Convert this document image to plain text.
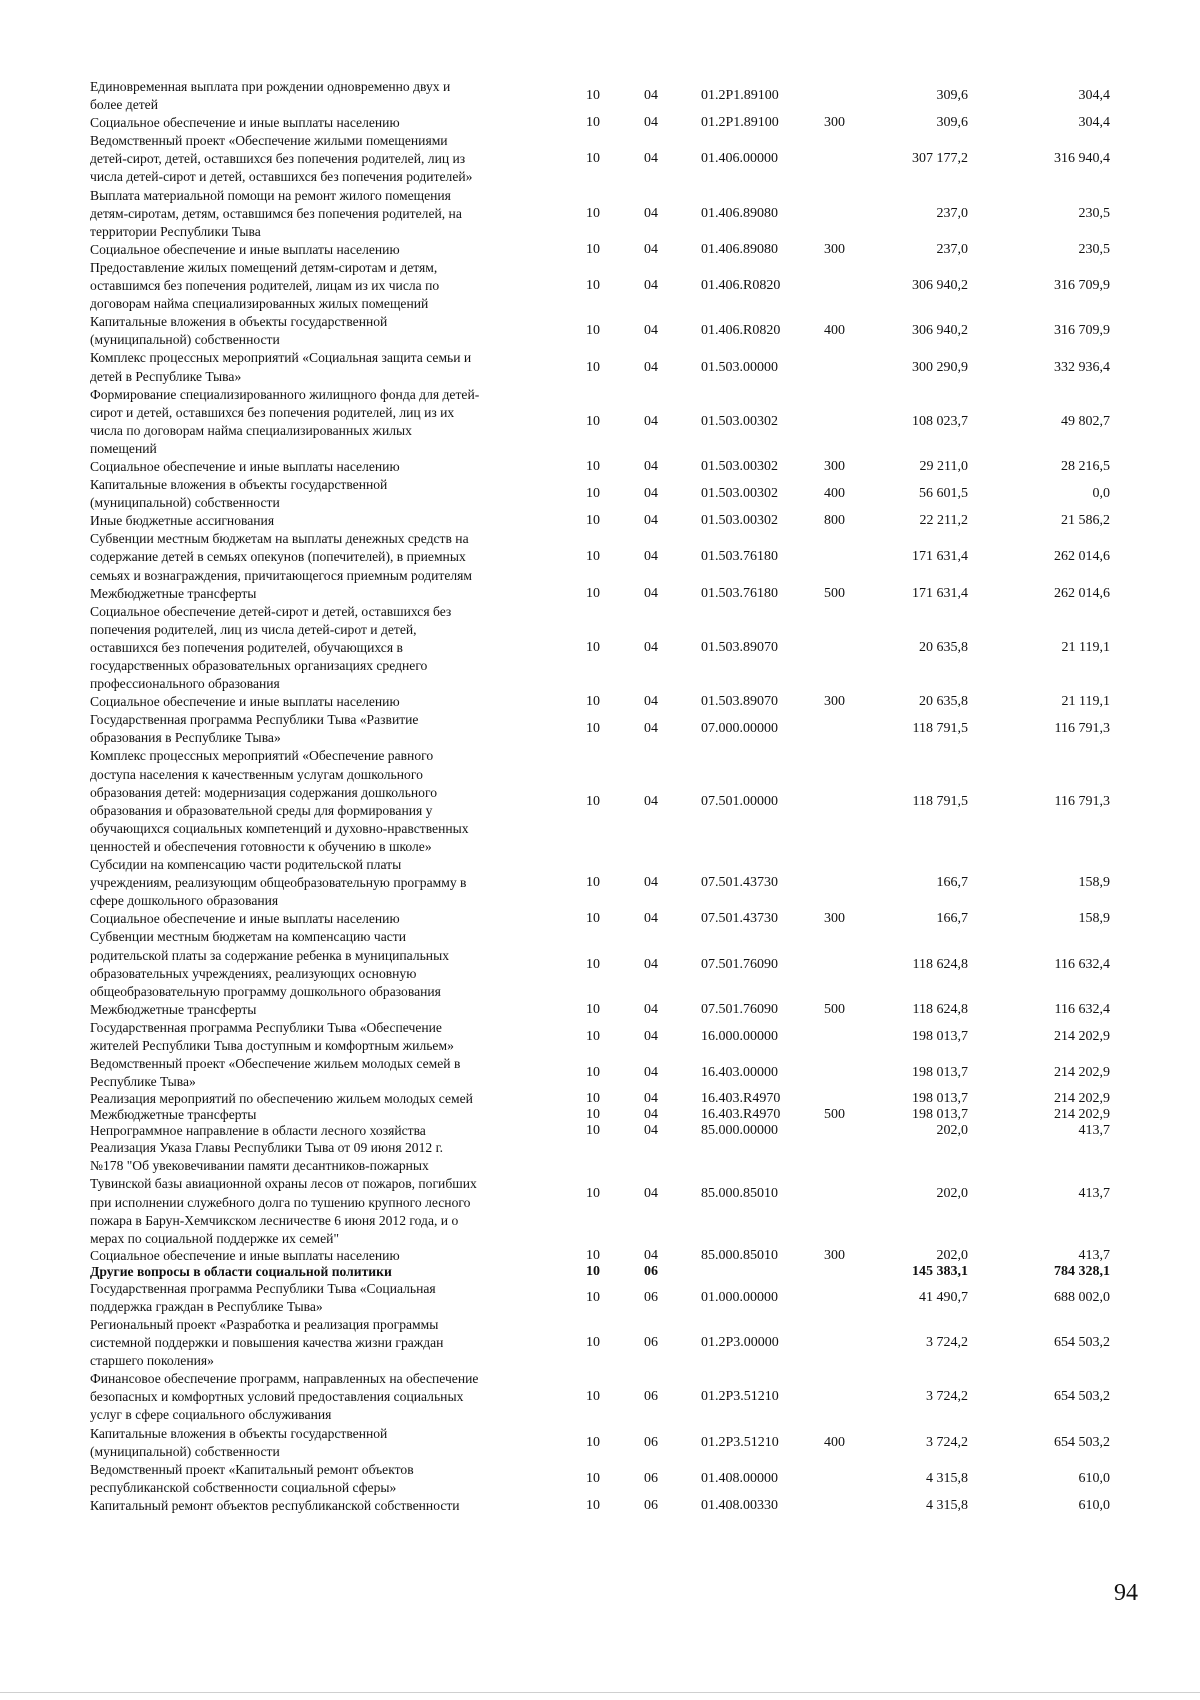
Единовременная выплата при рождении одновременно двух и
более детей
10	04	01.2Р1.89100	309,6	304,4
Социальное обеспечение и иные выплаты населению	10	04	01.2Р1.89100	300	309,6	304,4
Ведомственный проект «Обеспечение жилыми помещениями
детей-сирот, детей, оставшихся без попечения родителей, лиц из
числа детей-сирот и детей, оставшихся без попечения родителей»
10	04	01.406.00000	307 177,2	316 940,4
Выплата материальной помощи на ремонт жилого помещения
детям-сиротам, детям, оставшимся без попечения родителей, на
территории Республики Тыва
10	04	01.406.89080	237,0	230,5
Социальное обеспечение и иные выплаты населению	10	04	01.406.89080	300	237,0	230,5
Предоставление жилых помещений детям-сиротам и детям,
оставшимся без попечения родителей, лицам из их числа по
договорам найма специализированных жилых помещений
10	04	01.406.R0820	306 940,2	316 709,9
Капитальные вложения в объекты государственной
(муниципальной) собственности
10	04	01.406.R0820	400	306 940,2	316 709,9
Комплекс процессных мероприятий «Социальная защита семьи и
детей в Республике Тыва»
10	04	01.503.00000	300 290,9	332 936,4
Формирование специализированного жилищного фонда для детей-
сирот и детей, оставшихся без попечения родителей, лиц из их
числа по договорам найма специализированных жилых
помещений
10	04	01.503.00302	108 023,7	49 802,7
Социальное обеспечение и иные выплаты населению	10	04	01.503.00302	300	29 211,0	28 216,5
Капитальные вложения в объекты государственной
(муниципальной) собственности
10	04	01.503.00302	400	56 601,5	0,0
Иные бюджетные ассигнования	10	04	01.503.00302	800	22 211,2	21 586,2
Субвенции местным бюджетам на выплаты денежных средств на
содержание детей в семьях опекунов (попечителей), в приемных
семьях и вознаграждения, причитающегося приемным родителям
10	04	01.503.76180	171 631,4	262 014,6
Межбюджетные трансферты	10	04	01.503.76180	500	171 631,4	262 014,6
Социальное обеспечение детей-сирот и детей, оставшихся без
попечения родителей, лиц из числа детей-сирот и детей,
оставшихся без попечения родителей, обучающихся в
государственных образовательных организациях среднего
профессионального образования
10	04	01.503.89070	20 635,8	21 119,1
Социальное обеспечение и иные выплаты населению	10	04	01.503.89070	300	20 635,8	21 119,1
Государственная программа Республики Тыва «Развитие
образования в Республике Тыва»
10	04	07.000.00000	118 791,5	116 791,3
Комплекс процессных мероприятий «Обеспечение равного
доступа населения к качественным услугам дошкольного
образования детей: модернизация содержания дошкольного
образования и образовательной среды для формирования у
обучающихся социальных компетенций и духовно-нравственных
ценностей и обеспечения готовности к обучению в школе»
10	04	07.501.00000	118 791,5	116 791,3
Субсидии на компенсацию части родительской платы
учреждениям, реализующим общеобразовательную программу в
сфере дошкольного образования
10	04	07.501.43730	166,7	158,9
Социальное обеспечение и иные выплаты населению	10	04	07.501.43730	300	166,7	158,9
Субвенции местным бюджетам на компенсацию части
родительской платы за содержание ребенка в муниципальных
образовательных учреждениях, реализующих основную
общеобразовательную программу дошкольного образования
10	04	07.501.76090	118 624,8	116 632,4
Межбюджетные трансферты	10	04	07.501.76090	500	118 624,8	116 632,4
Государственная программа Республики Тыва «Обеспечение
жителей Республики Тыва доступным и комфортным жильем»
10	04	16.000.00000	198 013,7	214 202,9
Ведомственный проект «Обеспечение жильем молодых семей в
Республике Тыва»
10	04	16.403.00000	198 013,7	214 202,9
Реализация мероприятий по обеспечению жильем молодых семей	10	04	16.403.R4970	198 013,7	214 202,9
Межбюджетные трансферты	10	04	16.403.R4970	500	198 013,7	214 202,9
Непрограммное направление в области лесного хозяйства	10	04	85.000.00000	202,0	413,7
Реализация Указа Главы Республики Тыва от 09 июня 2012 г.
№178 "Об увековечивании памяти десантников-пожарных
Тувинской базы авиационной охраны лесов от пожаров, погибших
при исполнении служебного долга по тушению крупного лесного
пожара в Барун-Хемчикском лесничестве 6 июня 2012 года, и о
мерах по социальной поддержке их семей"
10	04	85.000.85010	202,0	413,7
Социальное обеспечение и иные выплаты населению	10	04	85.000.85010	300	202,0	413,7
Другие вопросы в области социальной политики	10	06	145 383,1	784 328,1
Государственная программа Республики Тыва «Социальная
поддержка граждан в Республике Тыва»
10	06	01.000.00000	41 490,7	688 002,0
Региональный проект «Разработка и реализация программы
системной поддержки и повышения качества жизни граждан
старшего поколения»
10	06	01.2Р3.00000	3 724,2	654 503,2
Финансовое обеспечение программ, направленных на обеспечение
безопасных и комфортных условий предоставления социальных
услуг в сфере социального обслуживания
10	06	01.2Р3.51210	3 724,2	654 503,2
Капитальные вложения в объекты государственной
(муниципальной) собственности
10	06	01.2Р3.51210	400	3 724,2	654 503,2
Ведомственный проект «Капитальный ремонт объектов
республиканской собственности социальной сферы»
10	06	01.408.00000	4 315,8	610,0
Капитальный ремонт объектов республиканской собственности	10	06	01.408.00330	4 315,8	610,0
94
